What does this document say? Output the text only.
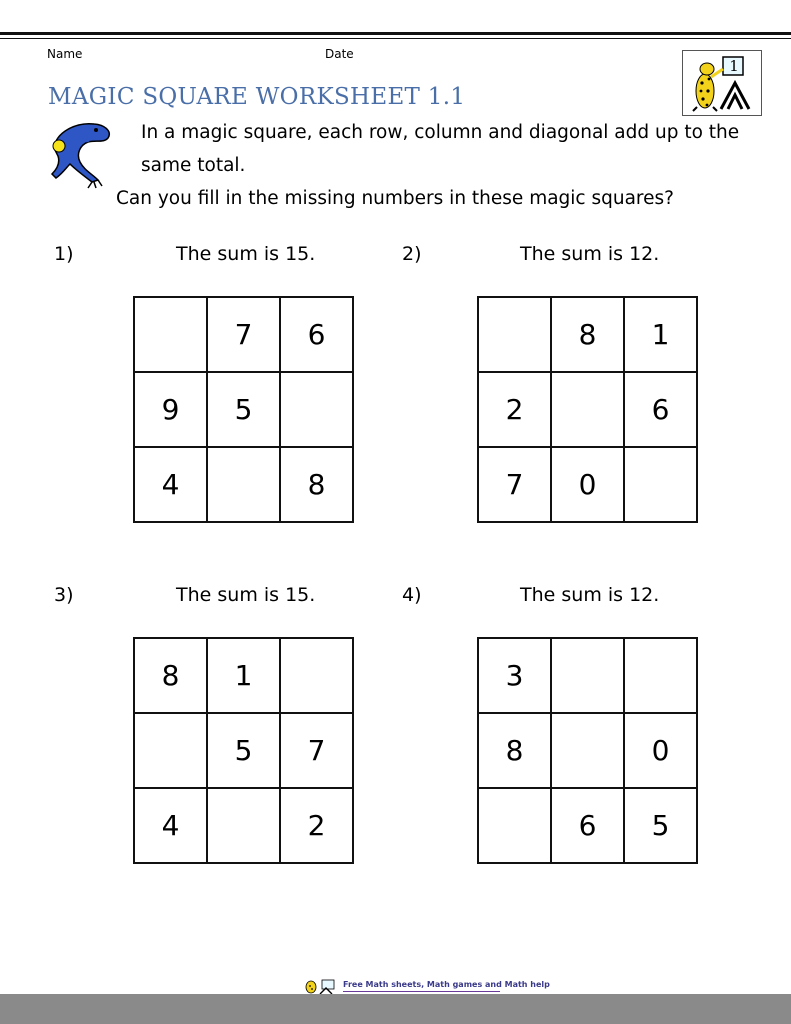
Name	Date
1
MAGIC SQUARE WORKSHEET 1.1
In a magic square, each row, column and diagonal add up to the
same total.
Can you fill in the missing numbers in these magic squares?
1)	The sum is 15.
	7	6
9	5	
4		8
2)	The sum is 12.
	8	1
2		6
7	0	
3)	The sum is 15.
8	1	
	5	7
4		2
4)	The sum is 12.
3		
8		0
	6	5
Free Math sheets, Math games and Math help
